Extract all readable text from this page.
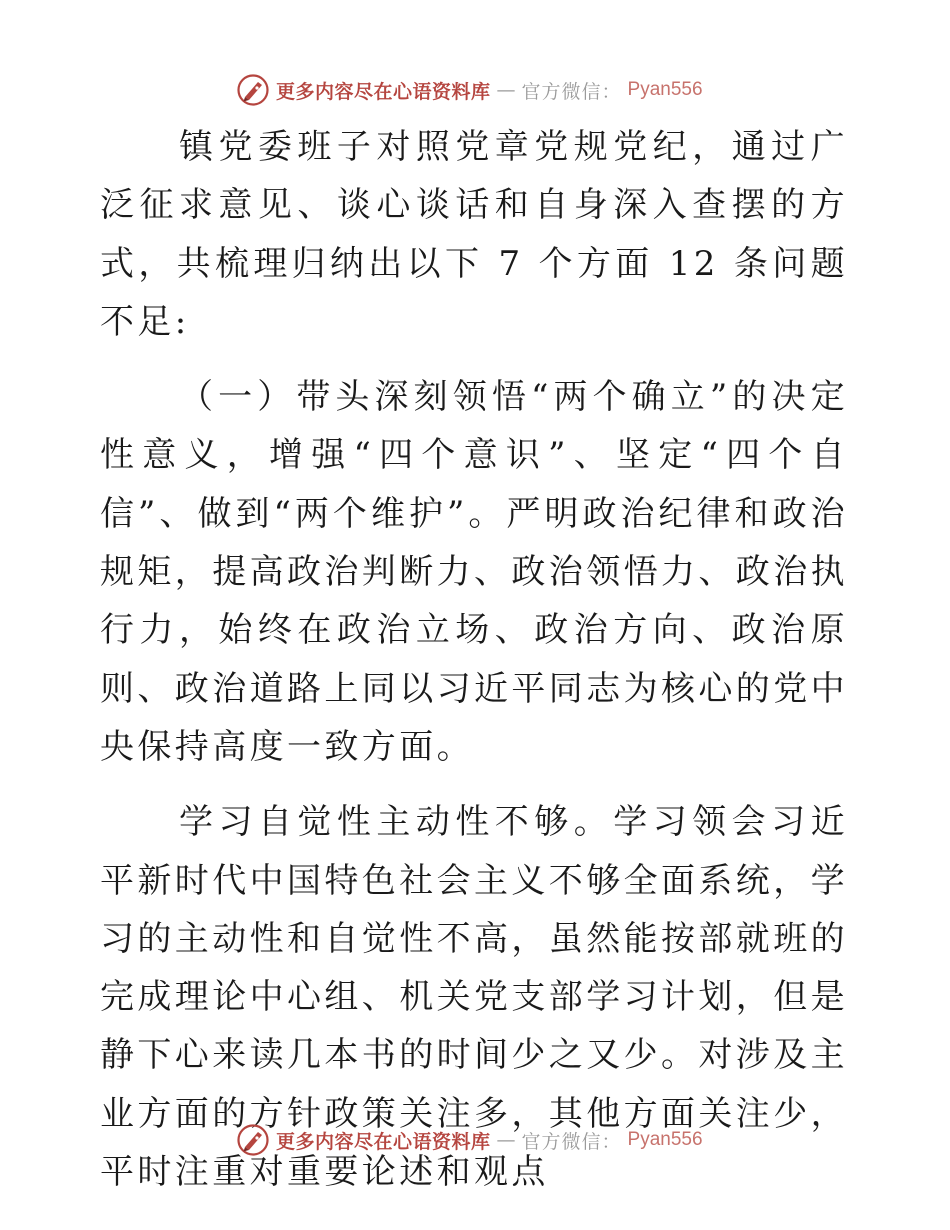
更多内容尽在心语资料库 — 官方微信： Pyan556

镇党委班子对照党章党规党纪，通过广泛征求意见、谈心谈话和自身深入查摆的方式，共梳理归纳出以下 7 个方面 12 条问题不足:

（一）带头深刻领悟“两个确立”的决定性意义，增强“四个意识”、坚定“四个自信”、做到“两个维护”。严明政治纪律和政治规矩，提高政治判断力、政治领悟力、政治执行力，始终在政治立场、政治方向、政治原则、政治道路上同以习近平同志为核心的党中央保持高度一致方面。

学习自觉性主动性不够。学习领会习近平新时代中国特色社会主义不够全面系统，学习的主动性和自觉性不高，虽然能按部就班的完成理论中心组、机关党支部学习计划，但是静下心来读几本书的时间少之又少。对涉及主业方面的方针政策关注多，其他方面关注少，平时注重对重要论述和观点

更多内容尽在心语资料库 — 官方微信： Pyan556
